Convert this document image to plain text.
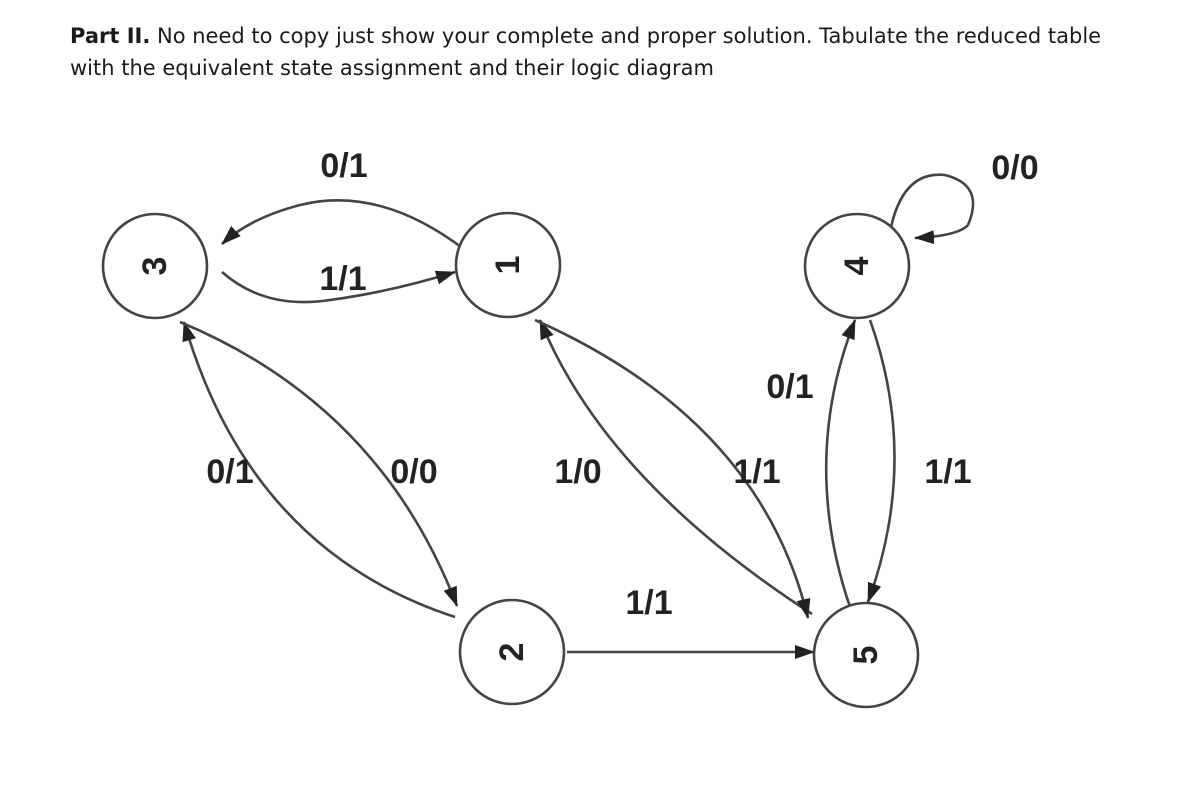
Part II. No need to copy just show your complete and proper solution. Tabulate the reduced table with the equivalent state assignment and their logic diagram

3	1	4
2	5
0/1
1/1
0/0
0/1	0/0	1/0	1/1
0/1
1/1
1/1
